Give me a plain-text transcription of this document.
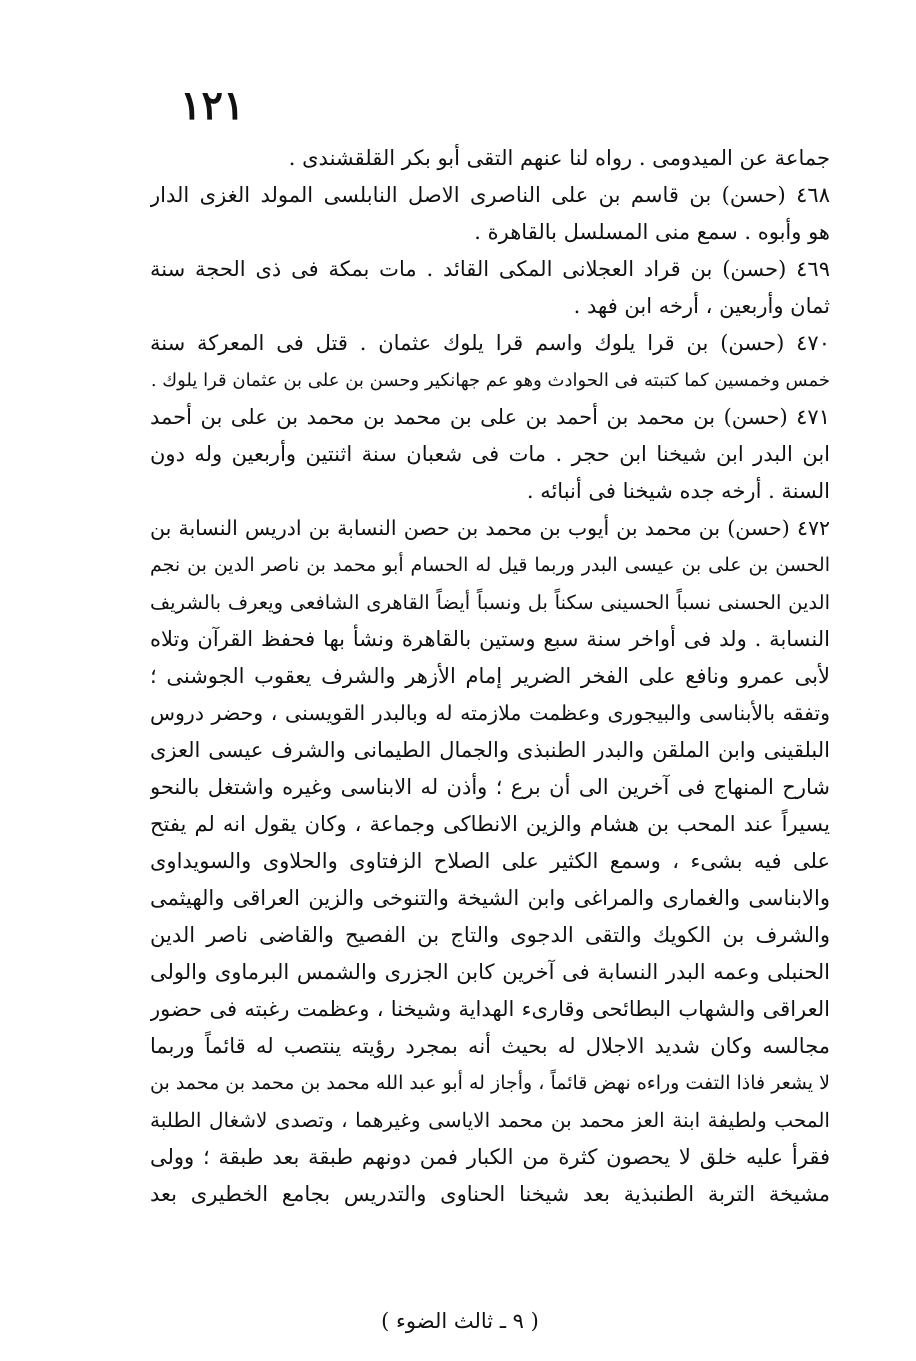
١٢١
جماعة عن الميدومى . رواه لنا عنهم التقى أبو بكر القلقشندى .
٤٦٨ (حسن) بن قاسم بن على الناصرى الاصل النابلسى المولد الغزى الدار
هو وأبوه . سمع منى المسلسل بالقاهرة .
٤٦٩ (حسن) بن قراد العجلانى المكى القائد . مات بمكة فى ذى الحجة سنة
ثمان وأربعين ، أرخه ابن فهد .
٤٧٠ (حسن) بن قرا يلوك واسم قرا يلوك عثمان . قتل فى المعركة سنة
خمس وخمسين كما كتبته فى الحوادث وهو عم جهانكير وحسن بن على بن عثمان قرا يلوك .
٤٧١ (حسن) بن محمد بن أحمد بن على بن محمد بن محمد بن على بن أحمد
ابن البدر ابن شيخنا ابن حجر . مات فى شعبان سنة اثنتين وأربعين وله دون
السنة . أرخه جده شيخنا فى أنبائه .
٤٧٢ (حسن) بن محمد بن أيوب بن محمد بن حصن النسابة بن ادريس النسابة بن
الحسن بن على بن عيسى البدر وربما قيل له الحسام أبو محمد بن ناصر الدين بن نجم
الدين الحسنى نسباً الحسينى سكناً بل ونسباً أيضاً القاهرى الشافعى ويعرف بالشريف
النسابة . ولد فى أواخر سنة سبع وستين بالقاهرة ونشأ بها فحفظ القرآن وتلاه
لأبى عمرو ونافع على الفخر الضرير إمام الأزهر والشرف يعقوب الجوشنى ؛
وتفقه بالأبناسى والبيجورى وعظمت ملازمته له وبالبدر القويسنى ، وحضر دروس
البلقينى وابن الملقن والبدر الطنبذى والجمال الطيمانى والشرف عيسى العزى
شارح المنهاج فى آخرين الى أن برع ؛ وأذن له الابناسى وغيره واشتغل بالنحو
يسيراً عند المحب بن هشام والزين الانطاكى وجماعة ، وكان يقول انه لم يفتح
على فيه بشىء ، وسمع الكثير على الصلاح الزفتاوى والحلاوى والسويداوى
والابناسى والغمارى والمراغى وابن الشيخة والتنوخى والزين العراقى والهيثمى
والشرف بن الكويك والتقى الدجوى والتاج بن الفصيح والقاضى ناصر الدين
الحنبلى وعمه البدر النسابة فى آخرين كابن الجزرى والشمس البرماوى والولى
العراقى والشهاب البطائحى وقارىء الهداية وشيخنا ، وعظمت رغبته فى حضور
مجالسه وكان شديد الاجلال له بحيث أنه بمجرد رؤيته ينتصب له قائماً وربما
لا يشعر فاذا التفت وراءه نهض قائماً ، وأجاز له أبو عبد الله محمد بن محمد بن محمد بن
المحب ولطيفة ابنة العز محمد بن محمد الاياسى وغيرهما ، وتصدى لاشغال الطلبة
فقرأ عليه خلق لا يحصون كثرة من الكبار فمن دونهم طبقة بعد طبقة ؛ وولى
مشيخة التربة الطنبذية بعد شيخنا الحناوى والتدريس بجامع الخطيرى بعد
( ٩ ـ ثالث الضوء )
